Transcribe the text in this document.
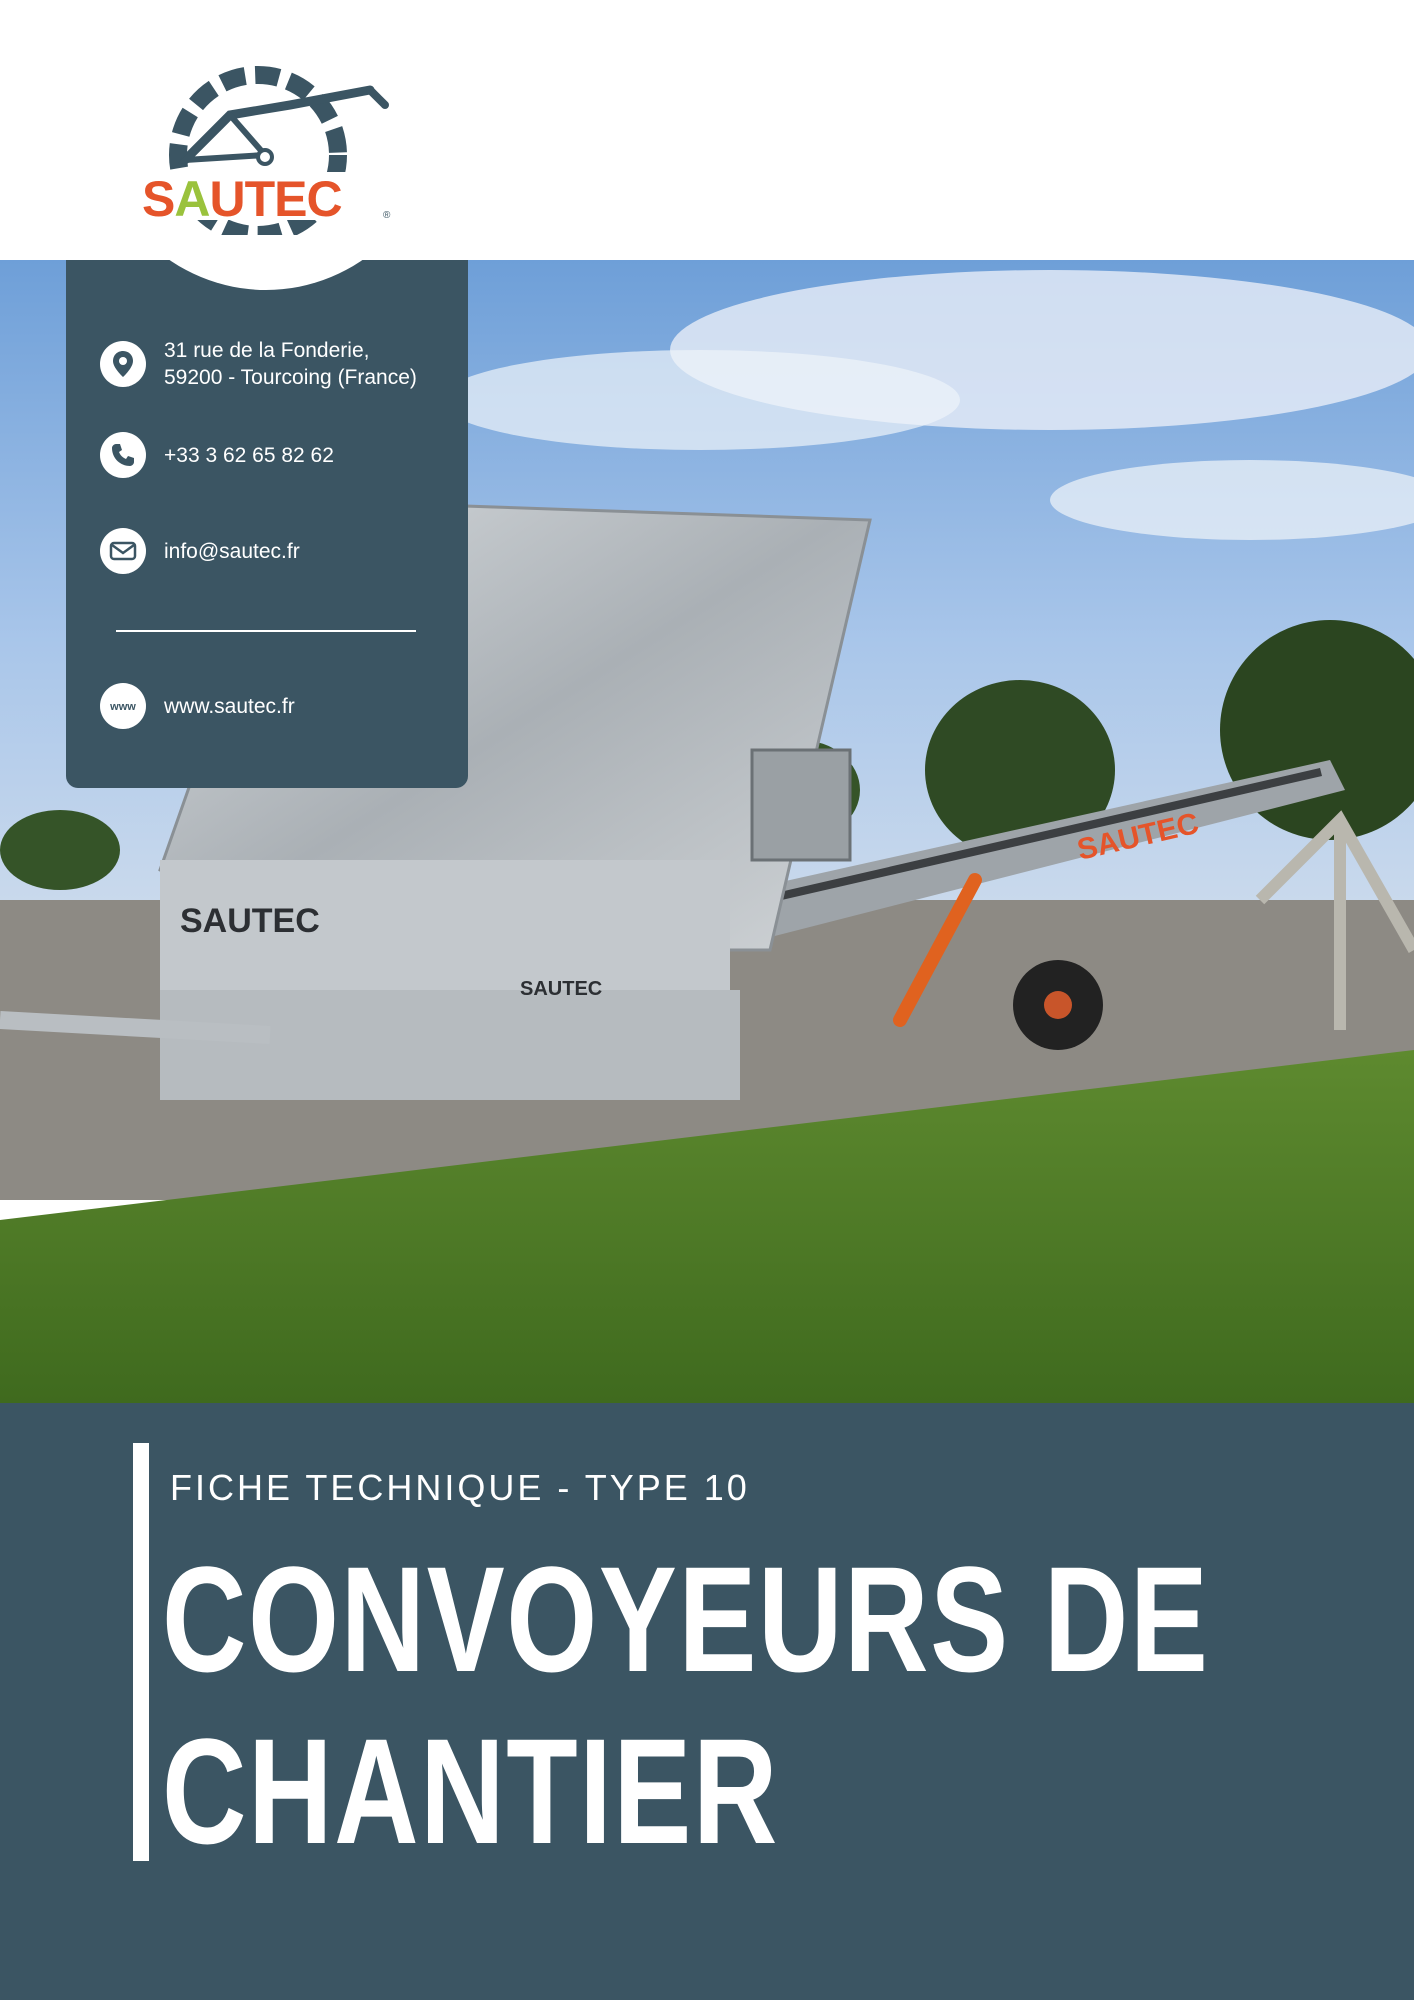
SAUTEC
SAUTEC
SAUTEC
31 rue de la Fonderie,
59200 - Tourcoing (France)
+33 3 62 65 82 62
info@sautec.fr
www www.sautec.fr
SAUTEC	®
FICHE TECHNIQUE - TYPE 10
CONVOYEURS DE
CHANTIER
